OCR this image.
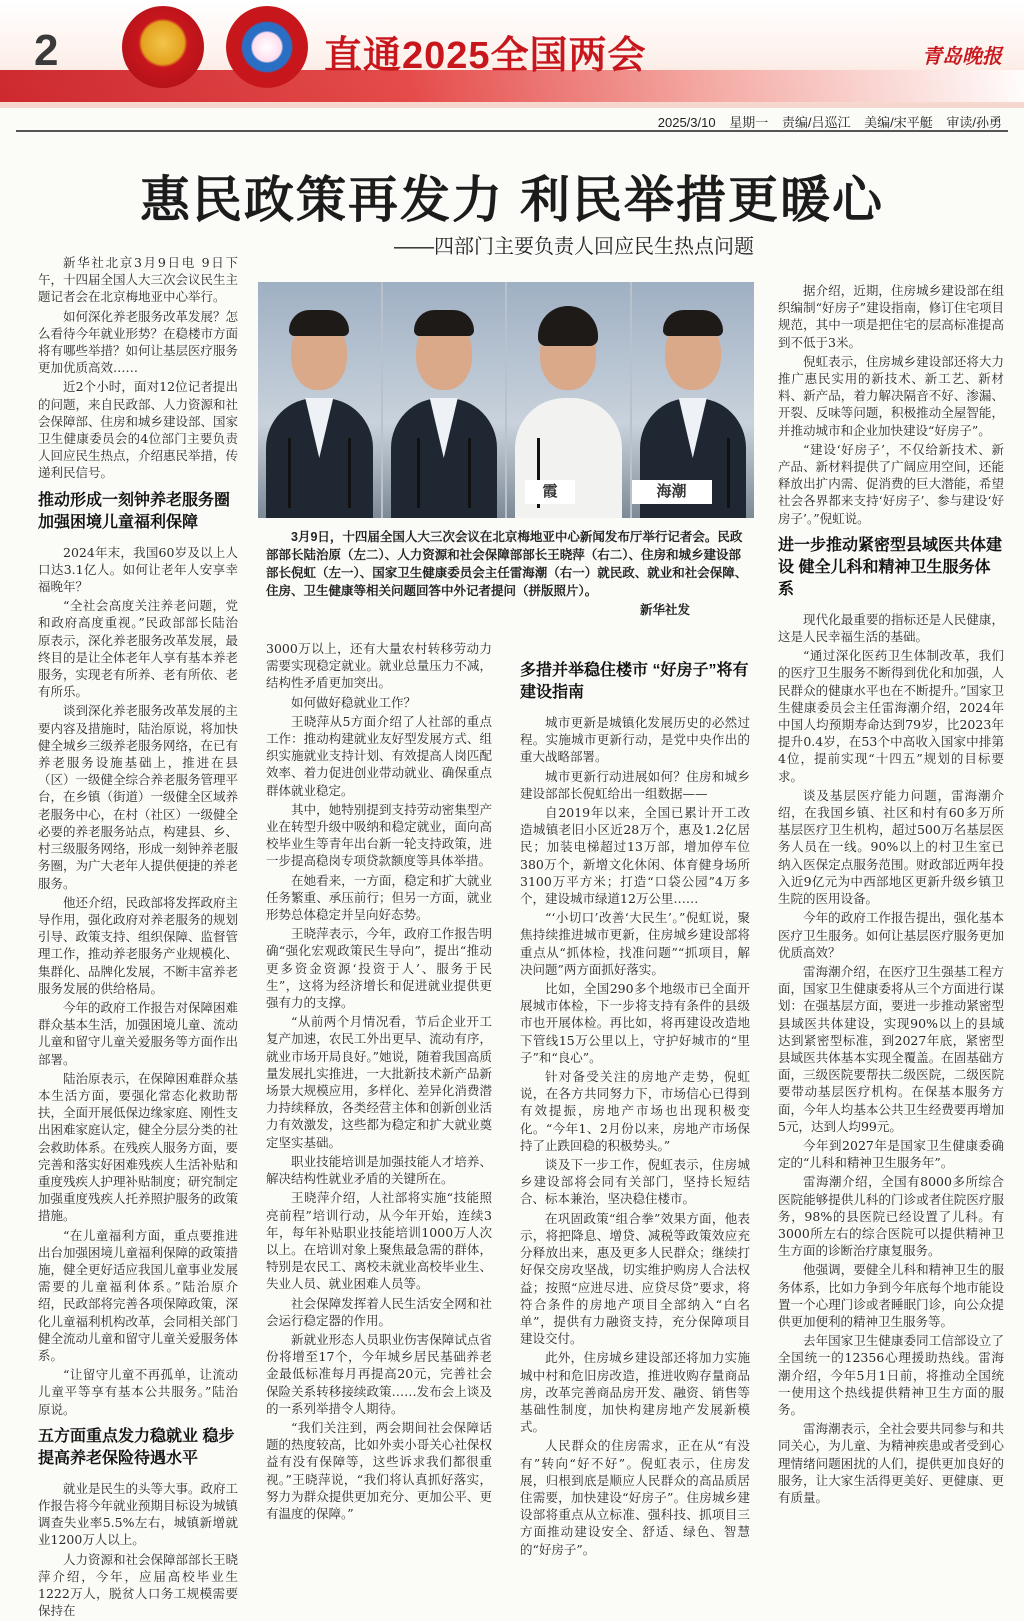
2	直通2025全国两会	青岛晚报
2025/3/10 星期一 责编/吕巡江 美编/宋平艇 审读/孙勇
惠民政策再发力 利民举措更暖心
——四部门主要负责人回应民生热点问题
霞	海潮
3月9日，十四届全国人大三次会议在北京梅地亚中心新闻发布厅举行记者会。民政部部长陆治原（左二）、人力资源和社会保障部部长王晓萍（右二）、住房和城乡建设部部长倪虹（左一）、国家卫生健康委员会主任雷海潮（右一）就民政、就业和社会保障、住房、卫生健康等相关问题回答中外记者提问（拼版照片）。
新华社发

新华社北京3月9日电 9日下午，十四届全国人大三次会议民生主题记者会在北京梅地亚中心举行。

如何深化养老服务改革发展？怎么看待今年就业形势？在稳楼市方面将有哪些举措？如何让基层医疗服务更加优质高效……

近2个小时，面对12位记者提出的问题，来自民政部、人力资源和社会保障部、住房和城乡建设部、国家卫生健康委员会的4位部门主要负责人回应民生热点，介绍惠民举措，传递利民信号。

推动形成一刻钟养老服务圈 加强困境儿童福利保障

2024年末，我国60岁及以上人口达3.1亿人。如何让老年人安享幸福晚年？

“全社会高度关注养老问题，党和政府高度重视。”民政部部长陆治原表示，深化养老服务改革发展，最终目的是让全体老年人享有基本养老服务，实现老有所养、老有所依、老有所乐。

谈到深化养老服务改革发展的主要内容及措施时，陆治原说，将加快健全城乡三级养老服务网络，在已有养老服务设施基础上，推进在县（区）一级健全综合养老服务管理平台，在乡镇（街道）一级健全区域养老服务中心，在村（社区）一级健全必要的养老服务站点，构建县、乡、村三级服务网络，形成一刻钟养老服务圈，为广大老年人提供便捷的养老服务。

他还介绍，民政部将发挥政府主导作用，强化政府对养老服务的规划引导、政策支持、组织保障、监督管理工作，推动养老服务产业规模化、集群化、品牌化发展，不断丰富养老服务发展的供给格局。

今年的政府工作报告对保障困难群众基本生活，加强困境儿童、流动儿童和留守儿童关爱服务等方面作出部署。

陆治原表示，在保障困难群众基本生活方面，要强化常态化救助帮扶，全面开展低保边缘家庭、刚性支出困难家庭认定，健全分层分类的社会救助体系。在残疾人服务方面，要完善和落实好困难残疾人生活补贴和重度残疾人护理补贴制度；研究制定加强重度残疾人托养照护服务的政策措施。

“在儿童福利方面，重点要推进出台加强困境儿童福利保障的政策措施，健全更好适应我国儿童事业发展需要的儿童福利体系。”陆治原介绍，民政部将完善各项保障政策，深化儿童福利机构改革，会同相关部门健全流动儿童和留守儿童关爱服务体系。

“让留守儿童不再孤单，让流动儿童平等享有基本公共服务。”陆治原说。

五方面重点发力稳就业 稳步提高养老保险待遇水平

就业是民生的头等大事。政府工作报告将今年就业预期目标设为城镇调查失业率5.5%左右，城镇新增就业1200万人以上。

人力资源和社会保障部部长王晓萍介绍，今年，应届高校毕业生1222万人，脱贫人口务工规模需要保持在

3000万以上，还有大量农村转移劳动力需要实现稳定就业。就业总量压力不减，结构性矛盾更加突出。

如何做好稳就业工作？

王晓萍从5方面介绍了人社部的重点工作：推动构建就业友好型发展方式、组织实施就业支持计划、有效提高人岗匹配效率、着力促进创业带动就业、确保重点群体就业稳定。

其中，她特别提到支持劳动密集型产业在转型升级中吸纳和稳定就业，面向高校毕业生等青年出台新一轮支持政策，进一步提高稳岗专项贷款额度等具体举措。

在她看来，一方面，稳定和扩大就业任务繁重、承压前行；但另一方面，就业形势总体稳定并呈向好态势。

王晓萍表示，今年，政府工作报告明确“强化宏观政策民生导向”，提出“推动更多资金资源‘投资于人’、服务于民生”，这将为经济增长和促进就业提供更强有力的支撑。

“从前两个月情况看，节后企业开工复产加速，农民工外出更早、流动有序，就业市场开局良好。”她说，随着我国高质量发展扎实推进，一大批新技术新产品新场景大规模应用，多样化、差异化消费潜力持续释放，各类经营主体和创新创业活力有效激发，这些都为稳定和扩大就业奠定坚实基础。

职业技能培训是加强技能人才培养、解决结构性就业矛盾的关键所在。

王晓萍介绍，人社部将实施“技能照亮前程”培训行动，从今年开始，连续3年，每年补贴职业技能培训1000万人次以上。在培训对象上聚焦最急需的群体，特别是农民工、离校未就业高校毕业生、失业人员、就业困难人员等。

社会保障发挥着人民生活安全网和社会运行稳定器的作用。

新就业形态人员职业伤害保障试点省份将增至17个，今年城乡居民基础养老金最低标准每月再提高20元，完善社会保险关系转移接续政策……发布会上谈及的一系列举措令人期待。

“我们关注到，两会期间社会保障话题的热度较高，比如外卖小哥关心社保权益有没有保障等，这些诉求我们都很重视。”王晓萍说，“我们将认真抓好落实，努力为群众提供更加充分、更加公平、更有温度的保障。”

多措并举稳住楼市 “好房子”将有建设指南

城市更新是城镇化发展历史的必然过程。实施城市更新行动，是党中央作出的重大战略部署。

城市更新行动进展如何？住房和城乡建设部部长倪虹给出一组数据——

自2019年以来，全国已累计开工改造城镇老旧小区近28万个，惠及1.2亿居民；加装电梯超过13万部，增加停车位380万个，新增文化休闲、体育健身场所3100万平方米；打造“口袋公园”4万多个，建设城市绿道12万公里……

“‘小切口’改善‘大民生’。”倪虹说，聚焦持续推进城市更新，住房城乡建设部将重点从“抓体检，找准问题”“抓项目，解决问题”两方面抓好落实。

比如，全国290多个地级市已全面开展城市体检，下一步将支持有条件的县级市也开展体检。再比如，将再建设改造地下管线15万公里以上，守护好城市的“里子”和“良心”。

针对备受关注的房地产走势，倪虹说，在各方共同努力下，市场信心已得到有效提振，房地产市场也出现积极变化。“今年1、2月份以来，房地产市场保持了止跌回稳的积极势头。”

谈及下一步工作，倪虹表示，住房城乡建设部将会同有关部门，坚持长短结合、标本兼治，坚决稳住楼市。

在巩固政策“组合拳”效果方面，他表示，将把降息、增贷、减税等政策效应充分释放出来，惠及更多人民群众；继续打好保交房攻坚战，切实维护购房人合法权益；按照“应进尽进、应贷尽贷”要求，将符合条件的房地产项目全部纳入“白名单”，提供有力融资支持，充分保障项目建设交付。

此外，住房城乡建设部还将加力实施城中村和危旧房改造，推进收购存量商品房，改革完善商品房开发、融资、销售等基础性制度，加快构建房地产发展新模式。

人民群众的住房需求，正在从“有没有”转向“好不好”。倪虹表示，住房发展，归根到底是顺应人民群众的高品质居住需要，加快建设“好房子”。住房城乡建设部将重点从立标准、强科技、抓项目三方面推动建设安全、舒适、绿色、智慧的“好房子”。

据介绍，近期，住房城乡建设部在组织编制“好房子”建设指南，修订住宅项目规范，其中一项是把住宅的层高标准提高到不低于3米。

倪虹表示，住房城乡建设部还将大力推广惠民实用的新技术、新工艺、新材料、新产品，着力解决隔音不好、渗漏、开裂、反味等问题，积极推动全屋智能，并推动城市和企业加快建设“好房子”。

“建设‘好房子’，不仅给新技术、新产品、新材料提供了广阔应用空间，还能释放出扩内需、促消费的巨大潜能，希望社会各界都来支持‘好房子’、参与建设‘好房子’。”倪虹说。

进一步推动紧密型县域医共体建设 健全儿科和精神卫生服务体系

现代化最重要的指标还是人民健康，这是人民幸福生活的基础。

“通过深化医药卫生体制改革，我们的医疗卫生服务不断得到优化和加强，人民群众的健康水平也在不断提升。”国家卫生健康委员会主任雷海潮介绍，2024年中国人均预期寿命达到79岁，比2023年提升0.4岁，在53个中高收入国家中排第4位，提前实现“十四五”规划的目标要求。

谈及基层医疗能力问题，雷海潮介绍，在我国乡镇、社区和村有60多万所基层医疗卫生机构，超过500万名基层医务人员在一线。90%以上的村卫生室已纳入医保定点服务范围。财政部近两年投入近9亿元为中西部地区更新升级乡镇卫生院的医用设备。

今年的政府工作报告提出，强化基本医疗卫生服务。如何让基层医疗服务更加优质高效？

雷海潮介绍，在医疗卫生强基工程方面，国家卫生健康委将从三个方面进行谋划：在强基层方面，要进一步推动紧密型县域医共体建设，实现90%以上的县域达到紧密型标准，到2027年底，紧密型县域医共体基本实现全覆盖。在固基础方面，三级医院要帮扶二级医院，二级医院要带动基层医疗机构。在保基本服务方面，今年人均基本公共卫生经费要再增加5元，达到人均99元。

今年到2027年是国家卫生健康委确定的“儿科和精神卫生服务年”。

雷海潮介绍，全国有8000多所综合医院能够提供儿科的门诊或者住院医疗服务，98%的县医院已经设置了儿科。有3000所左右的综合医院可以提供精神卫生方面的诊断治疗康复服务。

他强调，要健全儿科和精神卫生的服务体系，比如力争到今年底每个地市能设置一个心理门诊或者睡眠门诊，向公众提供更加便利的精神卫生服务等。

去年国家卫生健康委同工信部设立了全国统一的12356心理援助热线。雷海潮介绍，今年5月1日前，将推动全国统一使用这个热线提供精神卫生方面的服务。

雷海潮表示，全社会要共同参与和共同关心，为儿童、为精神疾患或者受到心理情绪问题困扰的人们，提供更加良好的服务，让大家生活得更美好、更健康、更有质量。
